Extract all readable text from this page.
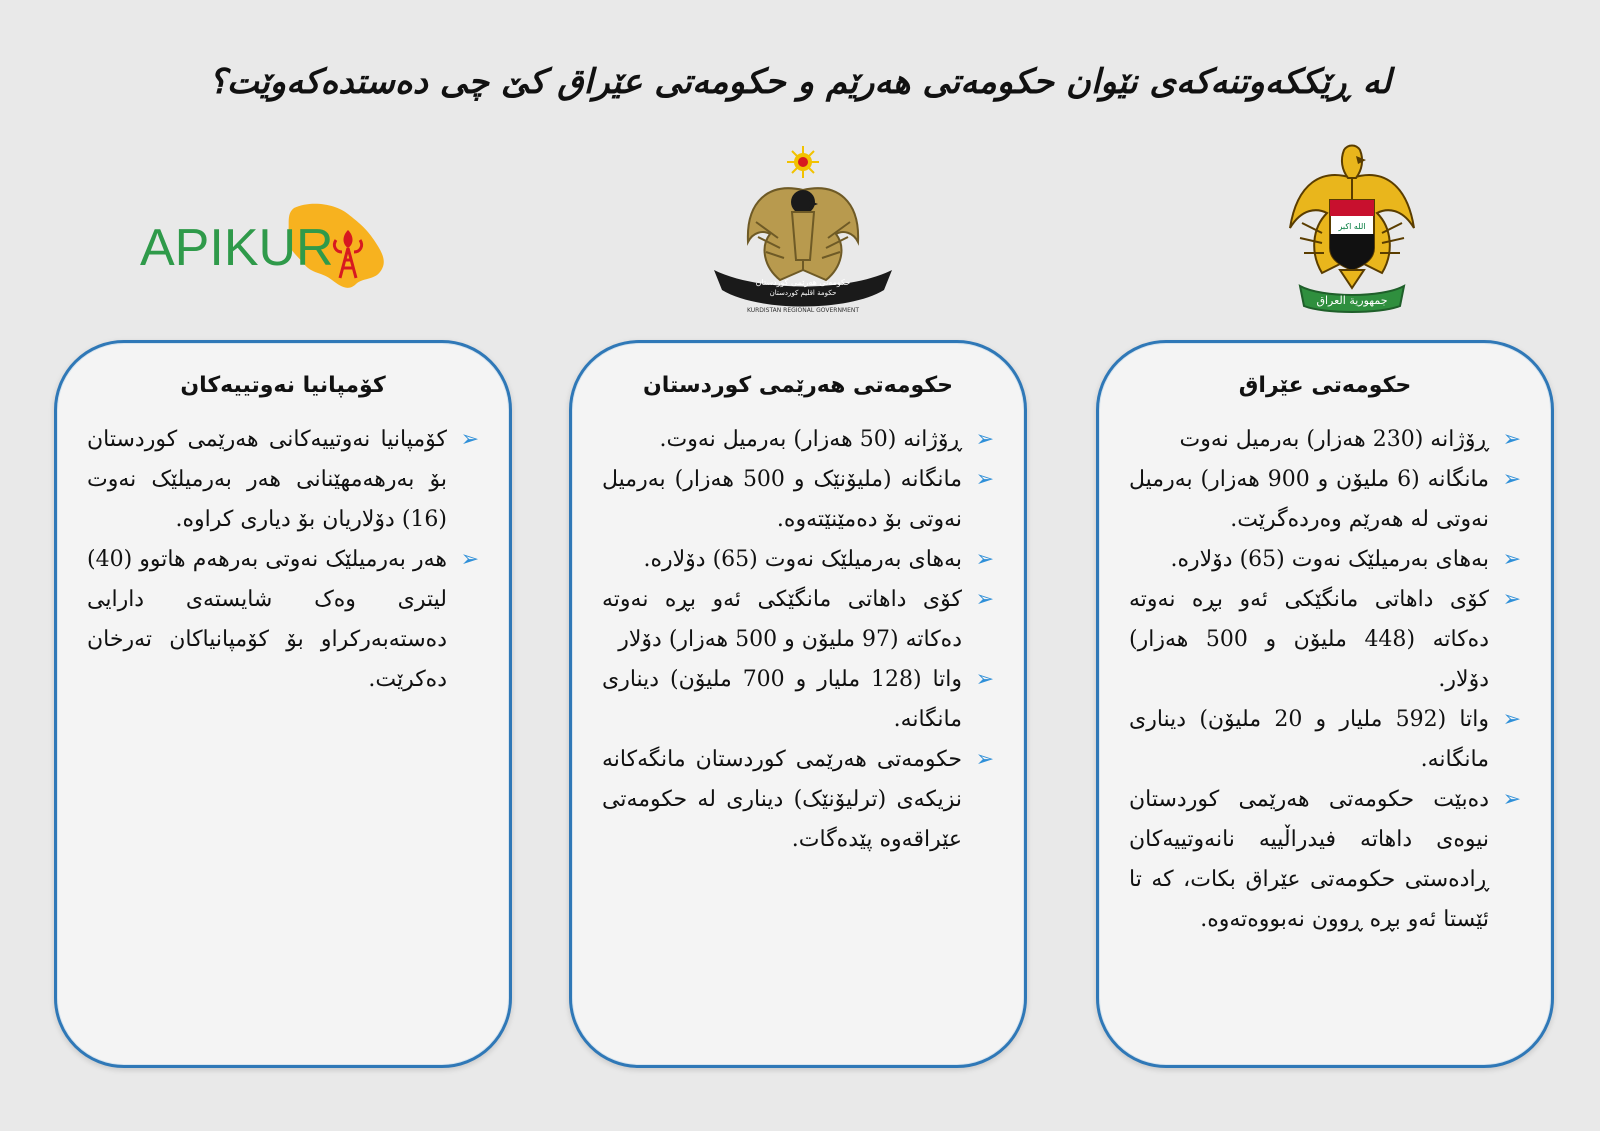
له ڕێککەوتنەکەی نێوان حکومەتی هەرێم و حکومەتی عێراق کێ چی دەستدەکەوێت؟
الله اكبر
جمهورية العراق
حکومەتی هەرێمی کوردستان
حكومة اقليم كوردستان
KURDISTAN REGIONAL GOVERNMENT
APIKUR
حکومەتی عێراق
➢
ڕۆژانه (230 هەزار) بەرمیل نەوت
➢
مانگانه (6 ملیۆن و 900 هەزار) بەرمیل نەوتی له هەرێم وەردەگرێت.
➢
بەهای بەرمیلێک نەوت (65) دۆلاره.
➢
کۆی داهاتی مانگێکی ئەو بڕە نەوته دەکاته (448 ملیۆن و 500 هەزار) دۆلار.
➢
واتا (592 ملیار و 20 ملیۆن) دیناری مانگانه.
➢
دەبێت حکومەتی هەرێمی کوردستان نیوەی داهاته فیدراڵییه نانەوتییەکان ڕادەستی حکومەتی عێراق بکات، که تا ئێستا ئەو بڕە ڕوون نەبووەتەوە.
حکومەتی هەرێمی کوردستان
➢
ڕۆژانه (50 هەزار) بەرمیل نەوت.
➢
مانگانه (ملیۆنێک و 500 هەزار) بەرمیل نەوتی بۆ دەمێنێتەوە.
➢
بەهای بەرمیلێک نەوت (65) دۆلاره.
➢
کۆی داهاتی مانگێکی ئەو بڕە نەوته دەکاته (97 ملیۆن و 500 هەزار) دۆلار
➢
واتا (128 ملیار و 700 ملیۆن) دیناری مانگانه.
➢
حکومەتی هەرێمی کوردستان مانگەکانه نزیکەی (ترلیۆنێک) دیناری له حکومەتی عێراقەوە پێدەگات.
کۆمپانیا نەوتییەکان
➢
کۆمپانیا نەوتییەکانی هەرێمی کوردستان بۆ بەرهەمهێنانی هەر بەرمیلێک نەوت (16) دۆلاریان بۆ دیاری کراوه.
➢
هەر بەرمیلێک نەوتی بەرهەم هاتوو (40) لیتری وەک شایستەی دارایی دەستەبەرکراو بۆ کۆمپانیاکان تەرخان دەکرێت.
